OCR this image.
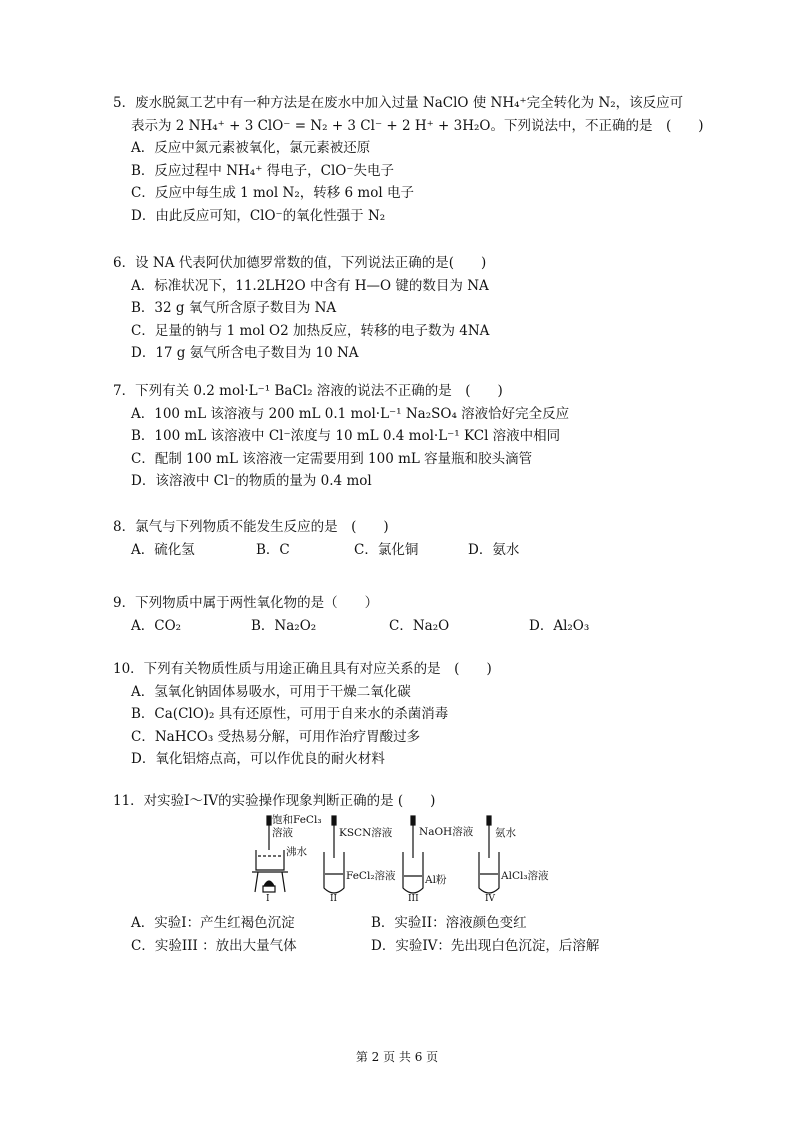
5．废水脱氮工艺中有一种方法是在废水中加入过量 NaClO 使 NH₄⁺完全转化为 N₂，该反应可
表示为 2 NH₄⁺ + 3 ClO⁻ = N₂ + 3 Cl⁻ + 2 H⁺ + 3H₂O。下列说法中，不正确的是　(　　)
A．反应中氮元素被氧化，氯元素被还原
B．反应过程中 NH₄⁺ 得电子，ClO⁻失电子
C．反应中每生成 1 mol N₂，转移 6 mol 电子
D．由此反应可知，ClO⁻的氧化性强于 N₂
6．设 NA 代表阿伏加德罗常数的值，下列说法正确的是(　　)
A．标准状况下，11.2LH2O 中含有 H—O 键的数目为 NA
B．32 g 氧气所含原子数目为 NA
C．足量的钠与 1 mol O2 加热反应，转移的电子数为 4NA
D．17 g 氨气所含电子数目为 10 NA
7．下列有关 0.2 mol·L⁻¹ BaCl₂ 溶液的说法不正确的是　(　　)
A．100 mL 该溶液与 200 mL 0.1 mol·L⁻¹ Na₂SO₄ 溶液恰好完全反应
B．100 mL 该溶液中 Cl⁻浓度与 10 mL 0.4 mol·L⁻¹ KCl 溶液中相同
C．配制 100 mL 该溶液一定需要用到 100 mL 容量瓶和胶头滴管
D．该溶液中 Cl⁻的物质的量为 0.4 mol
8．氯气与下列物质不能发生反应的是　(　　)
A．硫化氢	B．C	C．氯化铜	D．氨水
9．下列物质中属于两性氧化物的是（　　）
A．CO₂	B．Na₂O₂	C．Na₂O	D．Al₂O₃
10．下列有关物质性质与用途正确且具有对应关系的是　(　　)
A．氢氧化钠固体易吸水，可用于干燥二氧化碳
B．Ca(ClO)₂ 具有还原性，可用于自来水的杀菌消毒
C．NaHCO₃ 受热易分解，可用作治疗胃酸过多
D．氧化铝熔点高，可以作优良的耐火材料
11．对实验I～IV的实验操作现象判断正确的是 (　　)
饱和FeCl₃
溶液
沸水
KSCN溶液
FeCl₂溶液
NaOH溶液
Al粉
氨水
AlCl₃溶液
I	II	III	IV
A．实验I：产生红褐色沉淀	B．实验II：溶液颜色变红
C．实验III ：放出大量气体	D．实验IV：先出现白色沉淀，后溶解
第 2 页 共 6 页
